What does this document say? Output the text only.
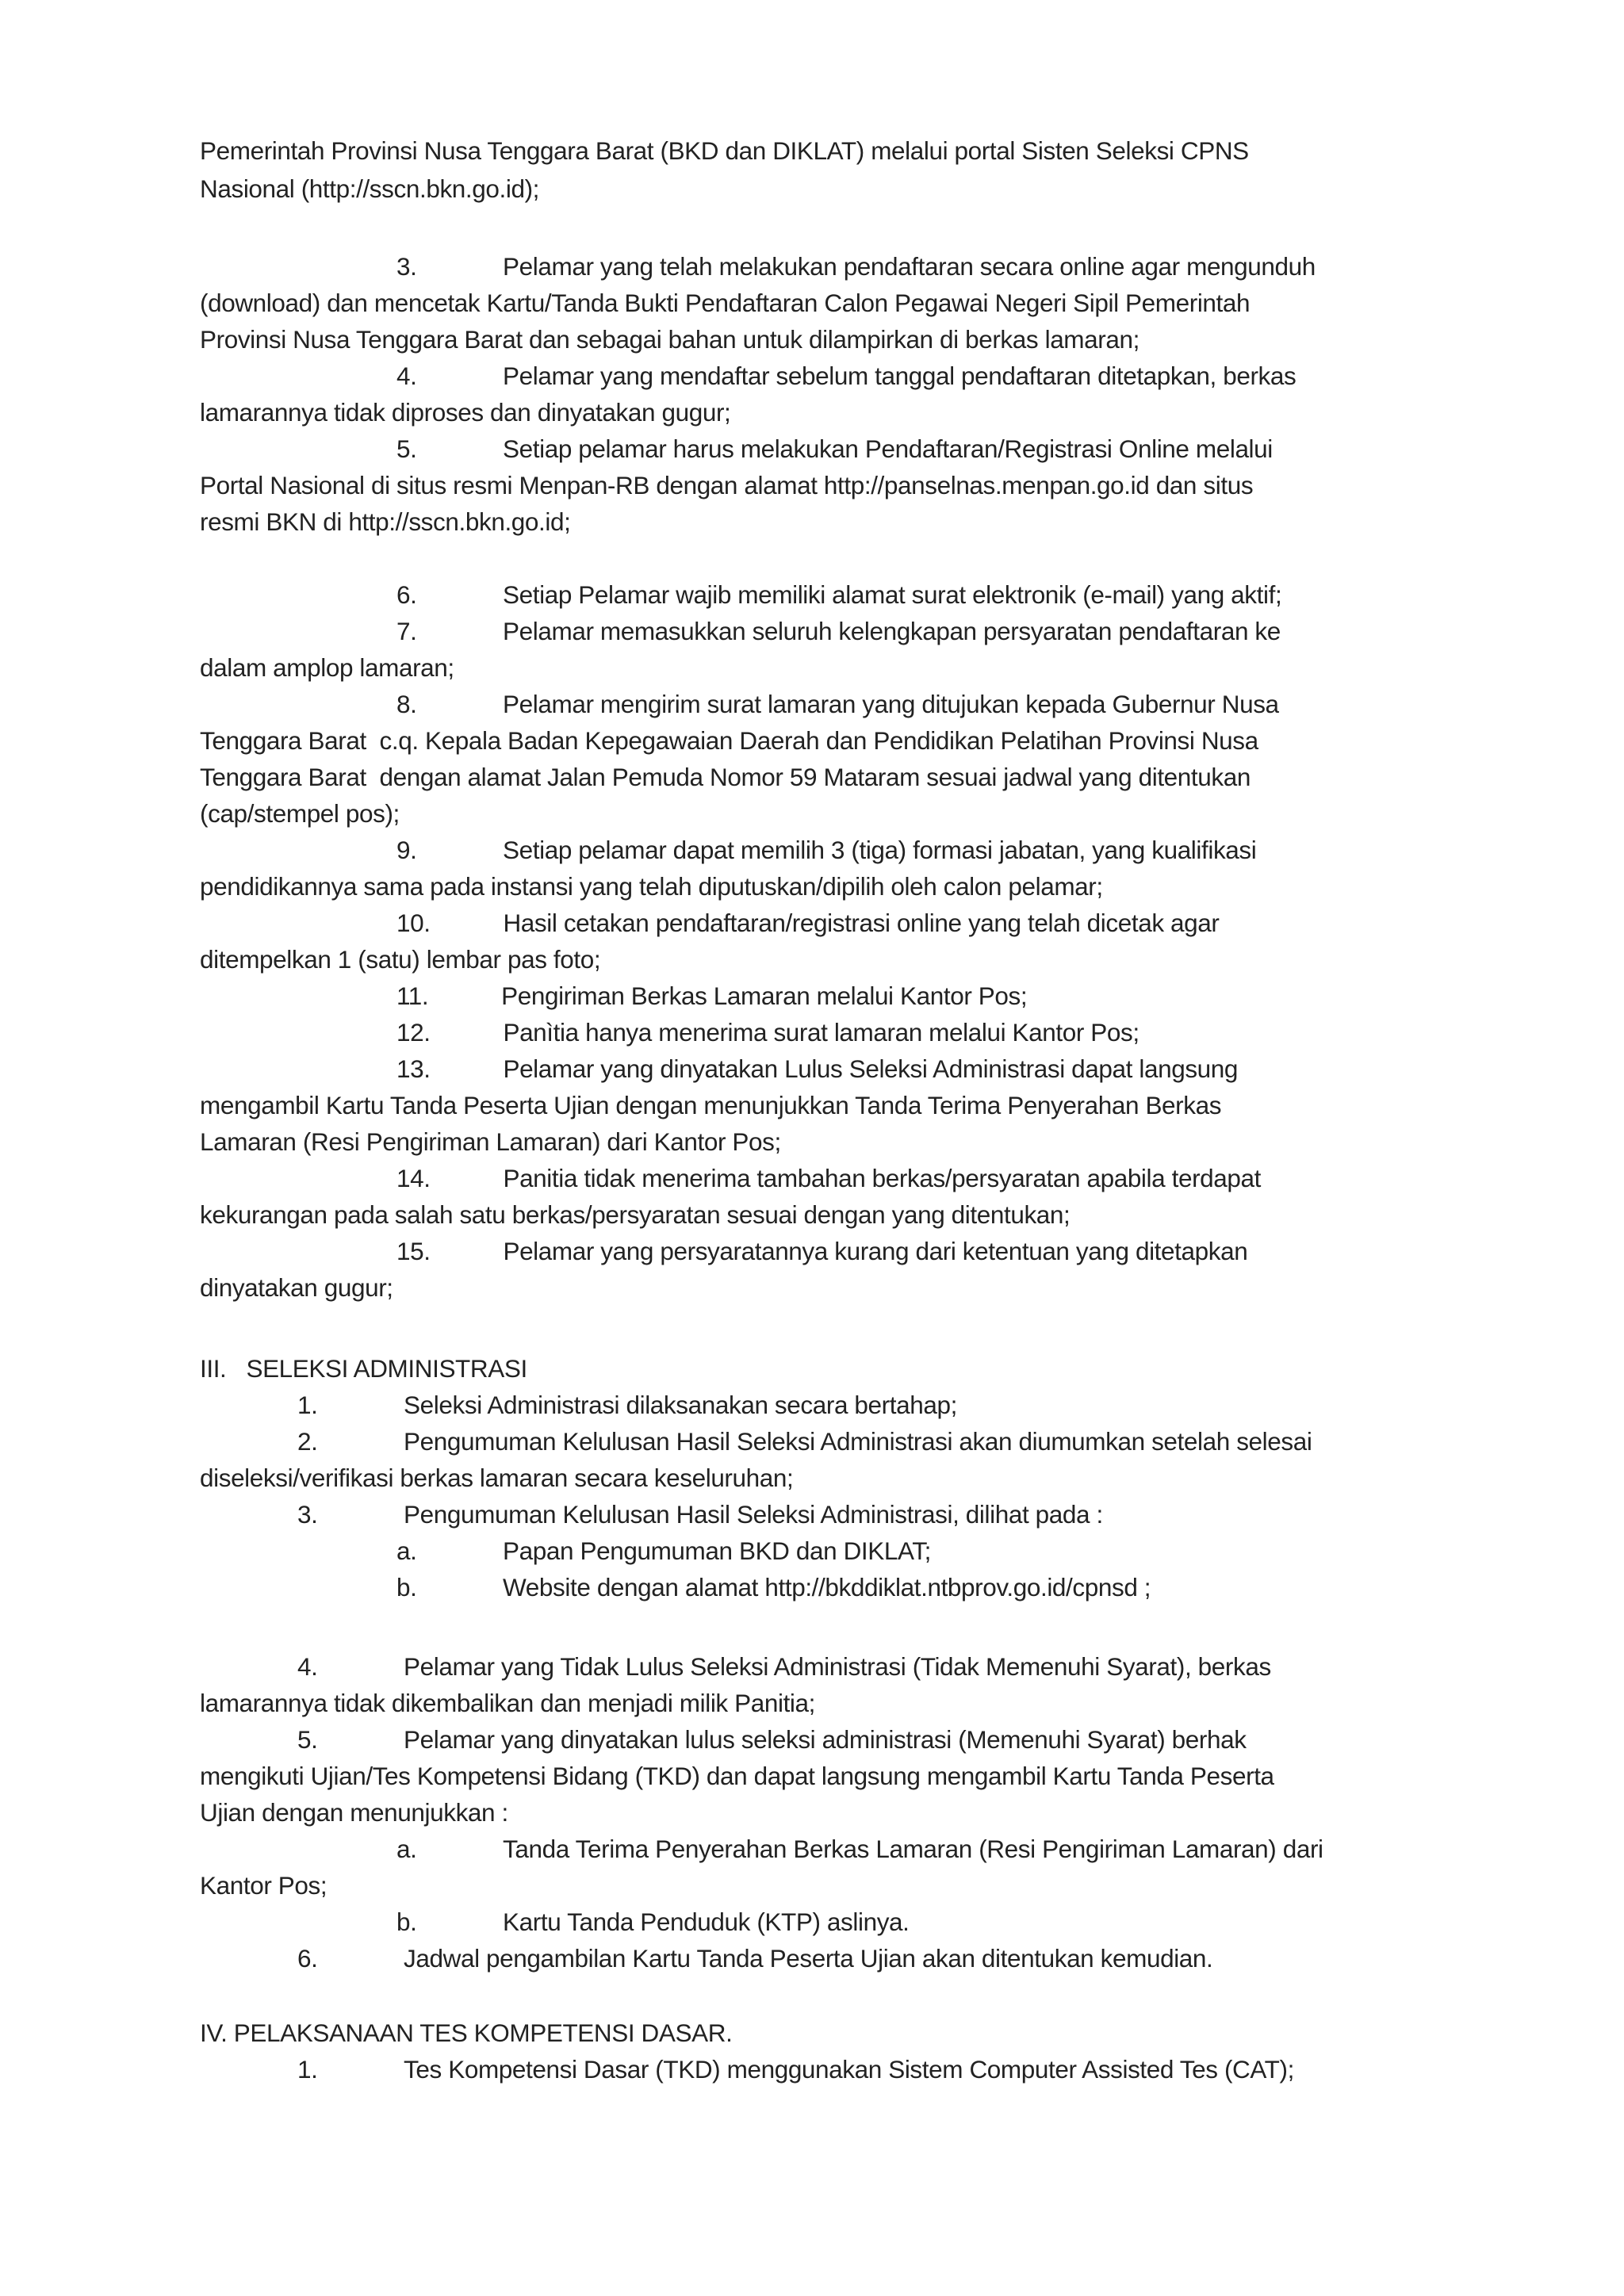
Pemerintah Provinsi Nusa Tenggara Barat (BKD dan DIKLAT) melalui portal Sisten Seleksi CPNS
Nasional (http://sscn.bkn.go.id);
3.             Pelamar yang telah melakukan pendaftaran secara online agar mengunduh
(download) dan mencetak Kartu/Tanda Bukti Pendaftaran Calon Pegawai Negeri Sipil Pemerintah
Provinsi Nusa Tenggara Barat dan sebagai bahan untuk dilampirkan di berkas lamaran;
4.             Pelamar yang mendaftar sebelum tanggal pendaftaran ditetapkan, berkas
lamarannya tidak diproses dan dinyatakan gugur;
5.             Setiap pelamar harus melakukan Pendaftaran/Registrasi Online melalui
Portal Nasional di situs resmi Menpan-RB dengan alamat http://panselnas.menpan.go.id dan situs
resmi BKN di http://sscn.bkn.go.id;
6.             Setiap Pelamar wajib memiliki alamat surat elektronik (e-mail) yang aktif;
7.             Pelamar memasukkan seluruh kelengkapan persyaratan pendaftaran ke
dalam amplop lamaran;
8.             Pelamar mengirim surat lamaran yang ditujukan kepada Gubernur Nusa
Tenggara Barat  c.q. Kepala Badan Kepegawaian Daerah dan Pendidikan Pelatihan Provinsi Nusa
Tenggara Barat  dengan alamat Jalan Pemuda Nomor 59 Mataram sesuai jadwal yang ditentukan
(cap/stempel pos);
9.             Setiap pelamar dapat memilih 3 (tiga) formasi jabatan, yang kualifikasi
pendidikannya sama pada instansi yang telah diputuskan/dipilih oleh calon pelamar;
10.           Hasil cetakan pendaftaran/registrasi online yang telah dicetak agar
ditempelkan 1 (satu) lembar pas foto;
11.           Pengiriman Berkas Lamaran melalui Kantor Pos;
12.           Panìtia hanya menerima surat lamaran melalui Kantor Pos;
13.           Pelamar yang dinyatakan Lulus Seleksi Administrasi dapat langsung
mengambil Kartu Tanda Peserta Ujian dengan menunjukkan Tanda Terima Penyerahan Berkas
Lamaran (Resi Pengiriman Lamaran) dari Kantor Pos;
14.           Panitia tidak menerima tambahan berkas/persyaratan apabila terdapat
kekurangan pada salah satu berkas/persyaratan sesuai dengan yang ditentukan;
15.           Pelamar yang persyaratannya kurang dari ketentuan yang ditetapkan
dinyatakan gugur;
III.   SELEKSI ADMINISTRASI
1.             Seleksi Administrasi dilaksanakan secara bertahap;
2.             Pengumuman Kelulusan Hasil Seleksi Administrasi akan diumumkan setelah selesai
diseleksi/verifikasi berkas lamaran secara keseluruhan;
3.             Pengumuman Kelulusan Hasil Seleksi Administrasi, dilihat pada :
a.             Papan Pengumuman BKD dan DIKLAT;
b.             Website dengan alamat http://bkddiklat.ntbprov.go.id/cpnsd ;
4.             Pelamar yang Tidak Lulus Seleksi Administrasi (Tidak Memenuhi Syarat), berkas
lamarannya tidak dikembalikan dan menjadi milik Panitia;
5.             Pelamar yang dinyatakan lulus seleksi administrasi (Memenuhi Syarat) berhak
mengikuti Ujian/Tes Kompetensi Bidang (TKD) dan dapat langsung mengambil Kartu Tanda Peserta
Ujian dengan menunjukkan :
a.             Tanda Terima Penyerahan Berkas Lamaran (Resi Pengiriman Lamaran) dari
Kantor Pos;
b.             Kartu Tanda Penduduk (KTP) aslinya.
6.             Jadwal pengambilan Kartu Tanda Peserta Ujian akan ditentukan kemudian.
IV. PELAKSANAAN TES KOMPETENSI DASAR.
1.             Tes Kompetensi Dasar (TKD) menggunakan Sistem Computer Assisted Tes (CAT);
